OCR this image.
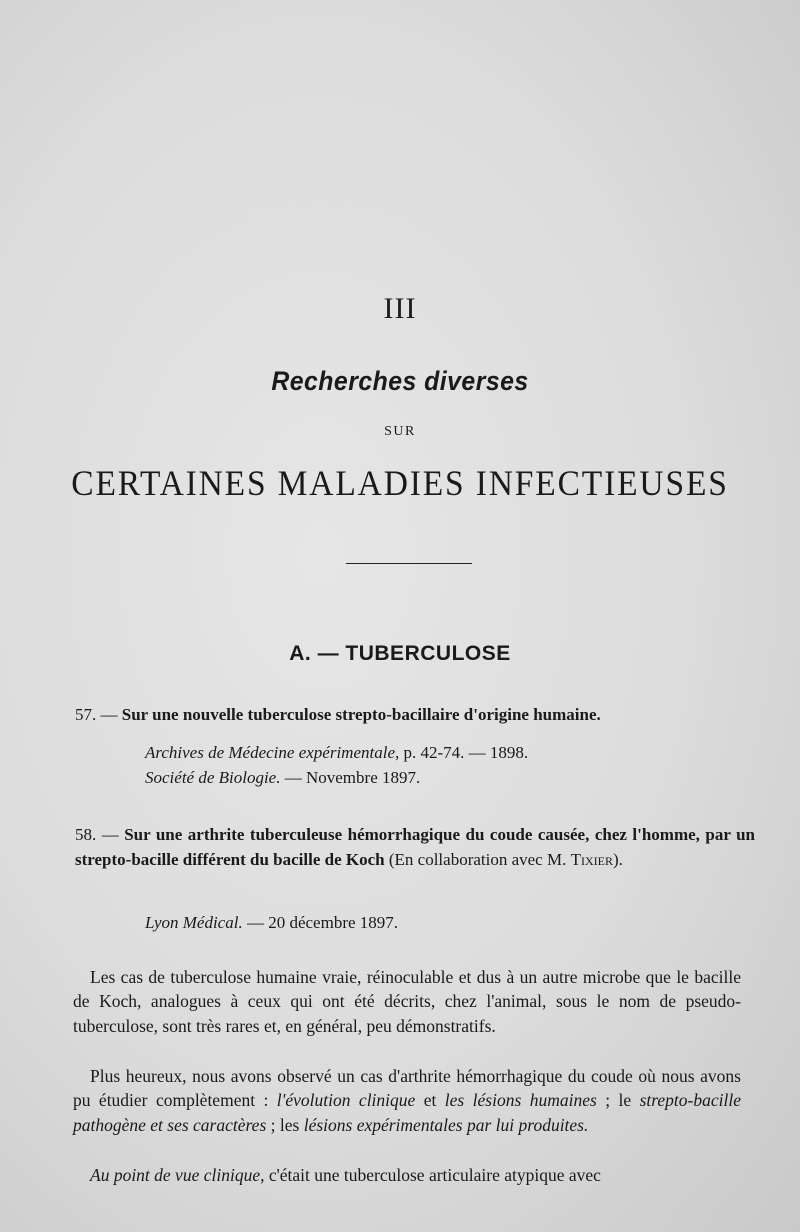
III
Recherches diverses
SUR
CERTAINES MALADIES INFECTIEUSES
A. — TUBERCULOSE
57. — Sur une nouvelle tuberculose strepto-bacillaire d'origine humaine.
Archives de Médecine expérimentale, p. 42-74. — 1898.
Société de Biologie. — Novembre 1897.
58. — Sur une arthrite tuberculeuse hémorrhagique du coude causée, chez l'homme, par un strepto-bacille différent du bacille de Koch (En collaboration avec M. Tixier).
Lyon Médical. — 20 décembre 1897.
Les cas de tuberculose humaine vraie, réinoculable et dus à un autre microbe que le bacille de Koch, analogues à ceux qui ont été décrits, chez l'animal, sous le nom de pseudo-tuberculose, sont très rares et, en général, peu démonstratifs.
Plus heureux, nous avons observé un cas d'arthrite hémorrhagique du coude où nous avons pu étudier complètement : l'évolution clinique et les lésions humaines ; le strepto-bacille pathogène et ses caractères ; les lésions expérimentales par lui produites.
Au point de vue clinique, c'était une tuberculose articulaire atypique avec
